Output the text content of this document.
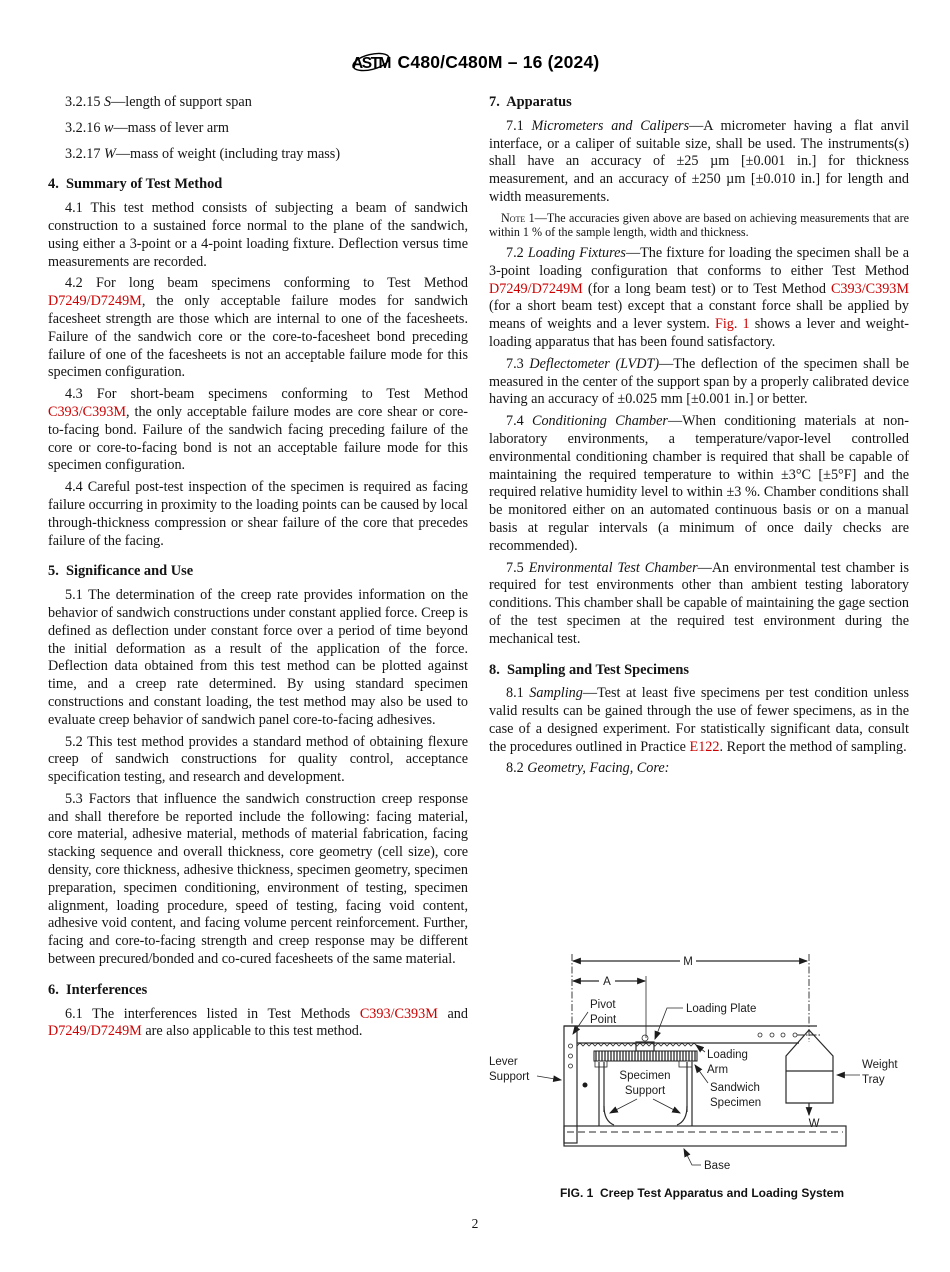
ASTM C480/C480M – 16 (2024)

3.2.15 S—length of support span

3.2.16 w—mass of lever arm

3.2.17 W—mass of weight (including tray mass)

4.  Summary of Test Method

4.1 This test method consists of subjecting a beam of sandwich construction to a sustained force normal to the plane of the sandwich, using either a 3-point or a 4-point loading fixture. Deflection versus time measurements are recorded.

4.2 For long beam specimens conforming to Test Method D7249/D7249M, the only acceptable failure modes for sandwich facesheet strength are those which are internal to one of the facesheets. Failure of the sandwich core or the core-to-facesheet bond preceding failure of one of the facesheets is not an acceptable failure mode for this specimen configuration.

4.3 For short-beam specimens conforming to Test Method C393/C393M, the only acceptable failure modes are core shear or core-to-facing bond. Failure of the sandwich facing preceding failure of the core or core-to-facing bond is not an acceptable failure mode for this specimen configuration.

4.4 Careful post-test inspection of the specimen is required as facing failure occurring in proximity to the loading points can be caused by local through-thickness compression or shear failure of the core that precedes failure of the facing.

5.  Significance and Use

5.1 The determination of the creep rate provides information on the behavior of sandwich constructions under constant applied force. Creep is defined as deflection under constant force over a period of time beyond the initial deformation as a result of the application of the force. Deflection data obtained from this test method can be plotted against time, and a creep rate determined. By using standard specimen constructions and constant loading, the test method may also be used to evaluate creep behavior of sandwich panel core-to-facing adhesives.

5.2 This test method provides a standard method of obtaining flexure creep of sandwich constructions for quality control, acceptance specification testing, and research and development.

5.3 Factors that influence the sandwich construction creep response and shall therefore be reported include the following: facing material, core material, adhesive material, methods of material fabrication, facing stacking sequence and overall thickness, core geometry (cell size), core density, core thickness, adhesive thickness, specimen geometry, specimen preparation, specimen conditioning, environment of testing, specimen alignment, loading procedure, speed of testing, facing void content, adhesive void content, and facing volume percent reinforcement. Further, facing and core-to-facing strength and creep response may be different between precured/bonded and co-cured facesheets of the same material.

6.  Interferences

6.1 The interferences listed in Test Methods C393/C393M and D7249/D7249M are also applicable to this test method.

7.  Apparatus

7.1 Micrometers and Calipers—A micrometer having a flat anvil interface, or a caliper of suitable size, shall be used. The instruments(s) shall have an accuracy of ±25 µm [±0.001 in.] for thickness measurement, and an accuracy of ±250 µm [±0.010 in.] for length and width measurements.

Note 1—The accuracies given above are based on achieving measurements that are within 1 % of the sample length, width and thickness.

7.2 Loading Fixtures—The fixture for loading the specimen shall be a 3-point loading configuration that conforms to either Test Method D7249/D7249M (for a long beam test) or to Test Method C393/C393M (for a short beam test) except that a constant force shall be applied by means of weights and a lever system. Fig. 1 shows a lever and weight-loading apparatus that has been found satisfactory.

7.3 Deflectometer (LVDT)—The deflection of the specimen shall be measured in the center of the support span by a properly calibrated device having an accuracy of ±0.025 mm [±0.001 in.] or better.

7.4 Conditioning Chamber—When conditioning materials at non-laboratory environments, a temperature/vapor-level controlled environmental conditioning chamber is required that shall be capable of maintaining the required temperature to within ±3°C [±5°F] and the required relative humidity level to within ±3 %. Chamber conditions shall be monitored either on an automated continuous basis or on a manual basis at regular intervals (a minimum of once daily checks are recommended).

7.5 Environmental Test Chamber—An environmental test chamber is required for test environments other than ambient testing laboratory conditions. This chamber shall be capable of maintaining the gage section of the test specimen at the required test environment during the mechanical test.

8.  Sampling and Test Specimens

8.1 Sampling—Test at least five specimens per test condition unless valid results can be gained through the use of fewer specimens, as in the case of a designed experiment. For statistically significant data, consult the procedures outlined in Practice E122. Report the method of sampling.

8.2 Geometry, Facing, Core:

M
A
Pivot
Point
Loading Plate
Lever
Support	Specimen
Support
Loading
Arm
Sandwich
Specimen
W
Weight
Tray
Base
FIG. 1  Creep Test Apparatus and Loading System
2
